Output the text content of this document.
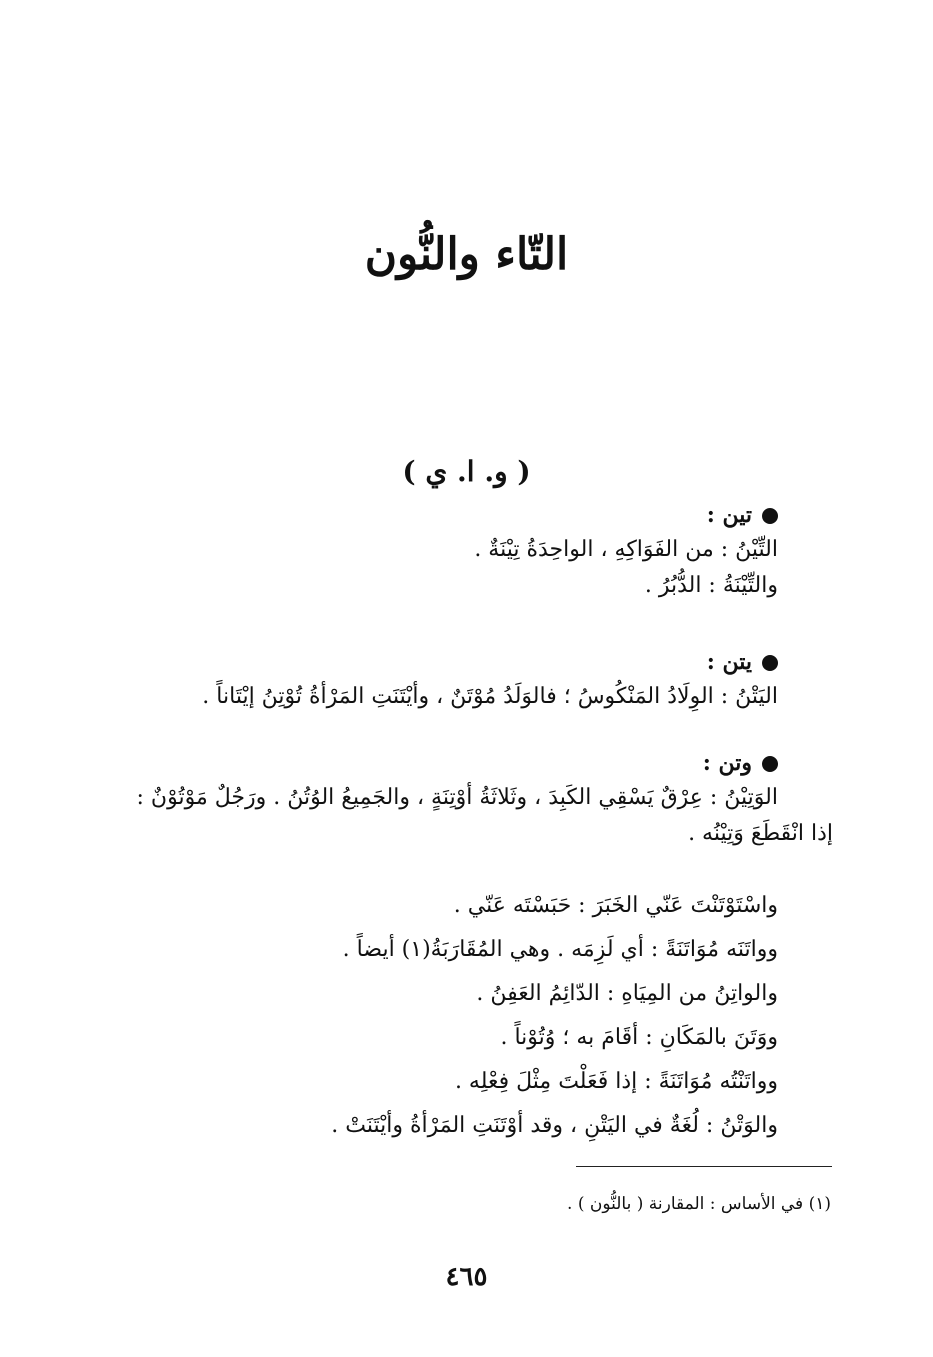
التّاء والنُّون
( و. ا. ي )
تين :
التِّيْنُ : من الفَوَاكِهِ ، الواحِدَةُ تِيْنَةٌ .
والتِّيْنَةُ : الدُّبُرُ .
يتن :
اليَتْنُ : الوِلَادُ المَنْكُوسُ ؛ فالوَلَدُ مُوْتَنٌ ، وأيْتَنَتِ المَرْأةُ تُوْتِنُ إيْتَاناً .
وتن :
الوَتِيْنُ : عِرْقٌ يَسْقِي الكَبِدَ ، وثَلاثَةُ أوْتِنَةٍ ، والجَمِيعُ الوُتُنُ . ورَجُلٌ مَوْتُوْنٌ :
إذا انْقَطَعَ وَتِيْنُه .
واسْتَوْتَنْتَ عَنّي الخَبَرَ : حَبَسْتَه عَنّي .
وواتَنَه مُوَاتَنَةً : أي لَزِمَه . وهي المُقَارَبَةُ(١) أيضاً .
والواتِنُ من المِيَاهِ : الدّائِمُ العَفِنُ .
ووَتَنَ بالمَكَانِ : أقَامَ به ؛ وُتُوْناً .
وواتَنْتُه مُوَاتَنَةً : إذا فَعَلْتَ مِثْلَ فِعْلِه .
والوَتْنُ : لُغَةٌ في اليَتْنِ ، وقد أوْتَنَتِ المَرْأةُ وأيْتَنَتْ .
(١) في الأساس : المقارنة ( بالنُّون ) .
٤٦٥
